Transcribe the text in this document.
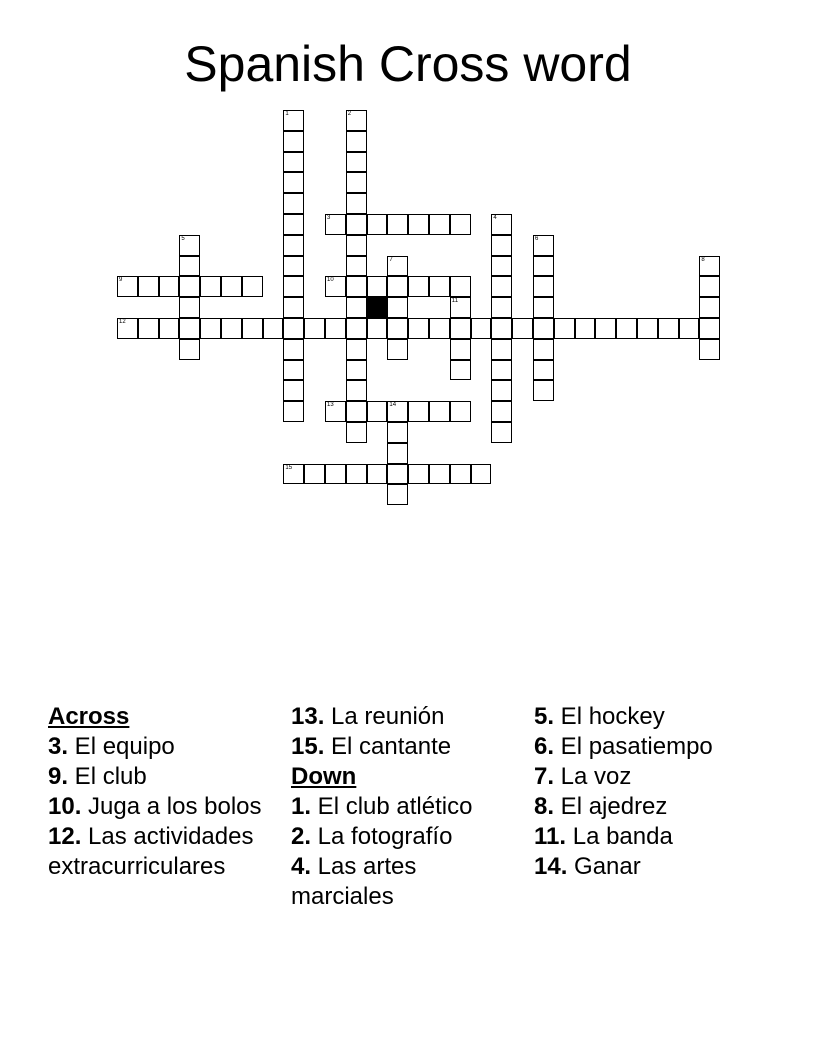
Spanish Cross word
1	2
3	4
5	6
7	8
9	10
11
12
13	14
15
Across
3. El equipo
9. El club
10. Juga a los bolos
12. Las actividades extracurriculares
13. La reunión
15. El cantante
Down
1. El club atlético
2. La fotografío
4. Las artes marciales
5. El hockey
6. El pasatiempo
7. La voz
8. El ajedrez
11. La banda
14. Ganar
